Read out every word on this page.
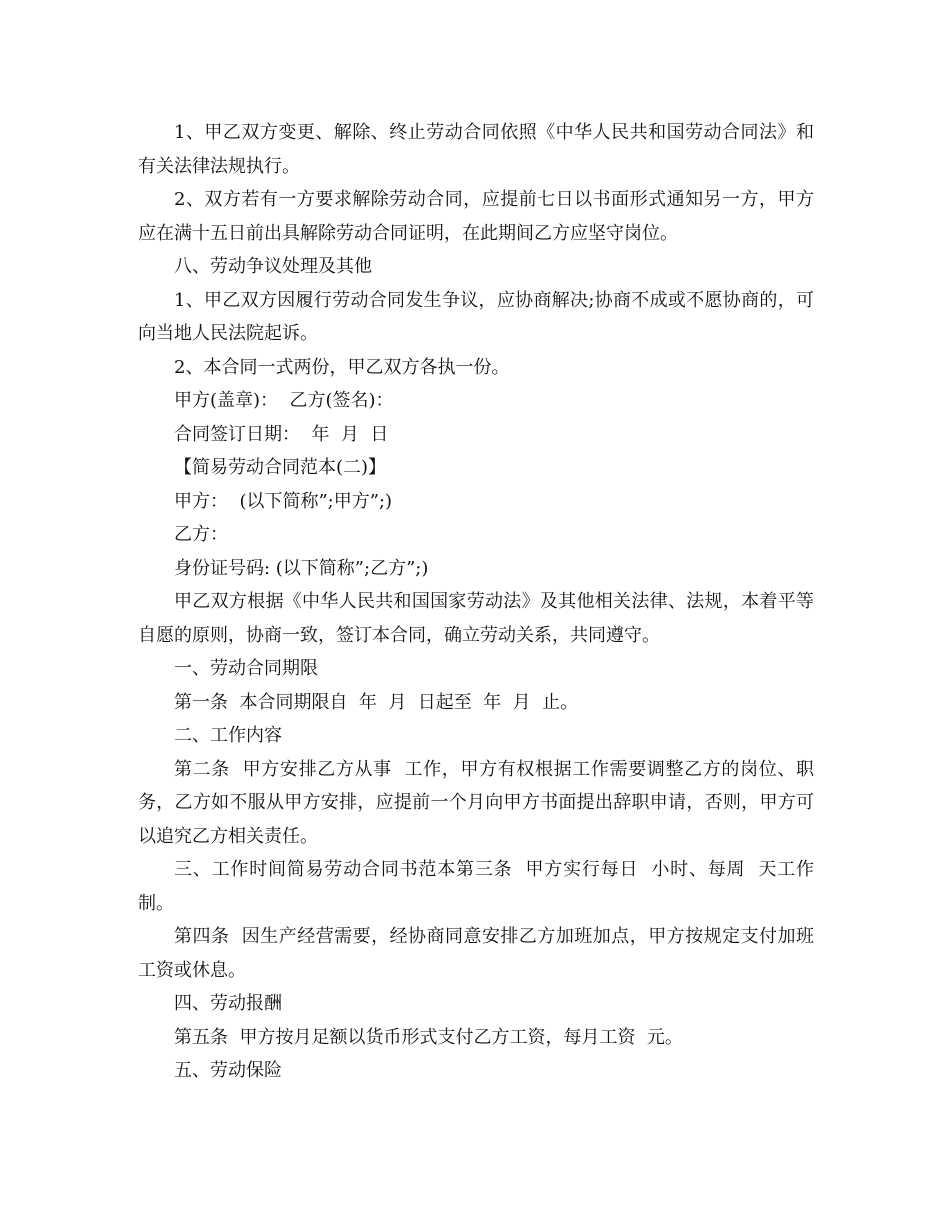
1、甲乙双方变更、解除、终止劳动合同依照《中华人民共和国劳动合同法》和有关法律法规执行。

2、双方若有一方要求解除劳动合同，应提前七日以书面形式通知另一方，甲方应在满十五日前出具解除劳动合同证明，在此期间乙方应坚守岗位。

八、劳动争议处理及其他

1、甲乙双方因履行劳动合同发生争议，应协商解决;协商不成或不愿协商的，可向当地人民法院起诉。

2、本合同一式两份，甲乙双方各执一份。

甲方(盖章)：  乙方(签名)：

合同签订日期：  年  月  日

【简易劳动合同范本(二)】

甲方：  (以下简称”;甲方”;)

乙方：

身份证号码: (以下简称”;乙方”;)

甲乙双方根据《中华人民共和国国家劳动法》及其他相关法律、法规，本着平等自愿的原则，协商一致，签订本合同，确立劳动关系，共同遵守。

一、劳动合同期限

第一条  本合同期限自  年  月  日起至  年  月  止。

二、工作内容

第二条  甲方安排乙方从事  工作，甲方有权根据工作需要调整乙方的岗位、职务，乙方如不服从甲方安排，应提前一个月向甲方书面提出辞职申请，否则，甲方可以追究乙方相关责任。

三、工作时间简易劳动合同书范本第三条  甲方实行每日  小时、每周  天工作制。

第四条  因生产经营需要，经协商同意安排乙方加班加点，甲方按规定支付加班工资或休息。

四、劳动报酬

第五条  甲方按月足额以货币形式支付乙方工资，每月工资  元。

五、劳动保险
